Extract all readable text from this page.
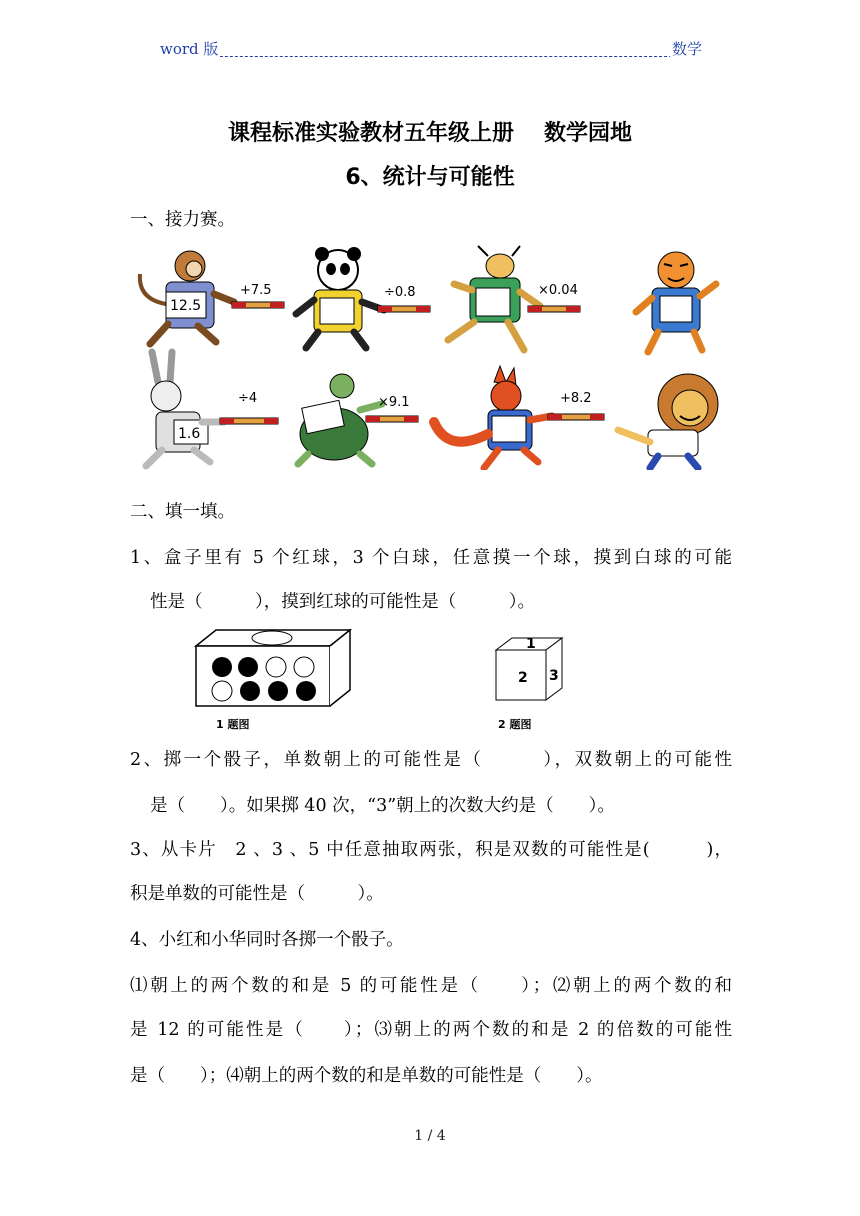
word 版	数学
课程标准实验教材五年级上册 数学园地
6、统计与可能性
一、接力赛。
12.5
+7.5	÷0.8	×0.04
1.6
÷4	×9.1	+8.2
二、填一填。
1、盒子里有 5 个红球，3 个白球，任意摸一个球，摸到白球的可能
性是（　　　），摸到红球的可能性是（　　　）。
1
2 3
1 题图	2 题图
2、掷一个骰子，单数朝上的可能性是（　　　），双数朝上的可能性
是（　　）。如果掷 40 次，“3”朝上的次数大约是（　　）。
3、从卡片　2 、3 、5 中任意抽取两张，积是双数的可能性是(　　　)，
积是单数的可能性是（　　　）。
4、小红和小华同时各掷一个骰子。
⑴朝上的两个数的和是 5 的可能性是（　　）；⑵朝上的两个数的和
是 12 的可能性是（　　）；⑶朝上的两个数的和是 2 的倍数的可能性
是（　　）；⑷朝上的两个数的和是单数的可能性是（　　）。
1 / 4
